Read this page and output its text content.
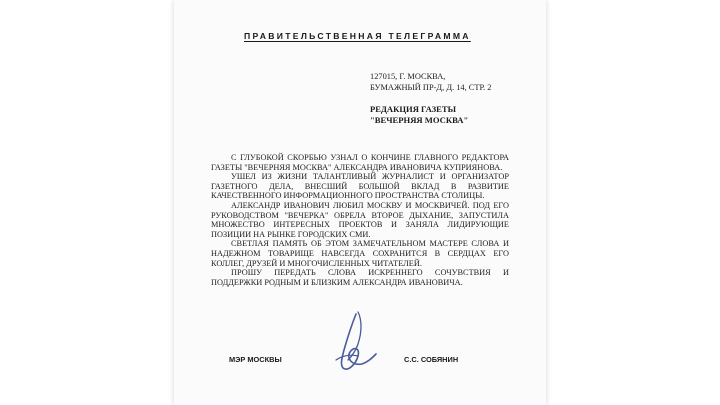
ПРАВИТЕЛЬСТВЕННАЯ ТЕЛЕГРАММА
127015, Г. МОСКВА,
БУМАЖНЫЙ ПР-Д, Д. 14, СТР. 2
РЕДАКЦИЯ ГАЗЕТЫ
"ВЕЧЕРНЯЯ МОСКВА"

С ГЛУБОКОЙ СКОРБЬЮ УЗНАЛ О КОНЧИНЕ ГЛАВНОГО РЕДАКТОРА ГАЗЕТЫ "ВЕЧЕРНЯЯ МОСКВА" АЛЕКСАНДРА ИВАНОВИЧА КУПРИЯНОВА.

УШЕЛ ИЗ ЖИЗНИ ТАЛАНТЛИВЫЙ ЖУРНАЛИСТ И ОРГАНИЗАТОР ГАЗЕТНОГО ДЕЛА, ВНЕСШИЙ БОЛЬШОЙ ВКЛАД В РАЗВИТИЕ КАЧЕСТВЕННОГО ИНФОРМАЦИОННОГО ПРОСТРАНСТВА СТОЛИЦЫ.

АЛЕКСАНДР ИВАНОВИЧ ЛЮБИЛ МОСКВУ И МОСКВИЧЕЙ. ПОД ЕГО РУКОВОДСТВОМ "ВЕЧЕРКА" ОБРЕЛА ВТОРОЕ ДЫХАНИЕ, ЗАПУСТИЛА МНОЖЕСТВО ИНТЕРЕСНЫХ ПРОЕКТОВ И ЗАНЯЛА ЛИДИРУЮЩИЕ ПОЗИЦИИ НА РЫНКЕ ГОРОДСКИХ СМИ.

СВЕТЛАЯ ПАМЯТЬ ОБ ЭТОМ ЗАМЕЧАТЕЛЬНОМ МАСТЕРЕ СЛОВА И НАДЕЖНОМ ТОВАРИЩЕ НАВСЕГДА СОХРАНИТСЯ В СЕРДЦАХ ЕГО КОЛЛЕГ, ДРУЗЕЙ И МНОГОЧИСЛЕННЫХ ЧИТАТЕЛЕЙ.

ПРОШУ ПЕРЕДАТЬ СЛОВА ИСКРЕННЕГО СОЧУВСТВИЯ И ПОДДЕРЖКИ РОДНЫМ И БЛИЗКИМ АЛЕКСАНДРА ИВАНОВИЧА.

МЭР МОСКВЫ	С.С. СОБЯНИН
